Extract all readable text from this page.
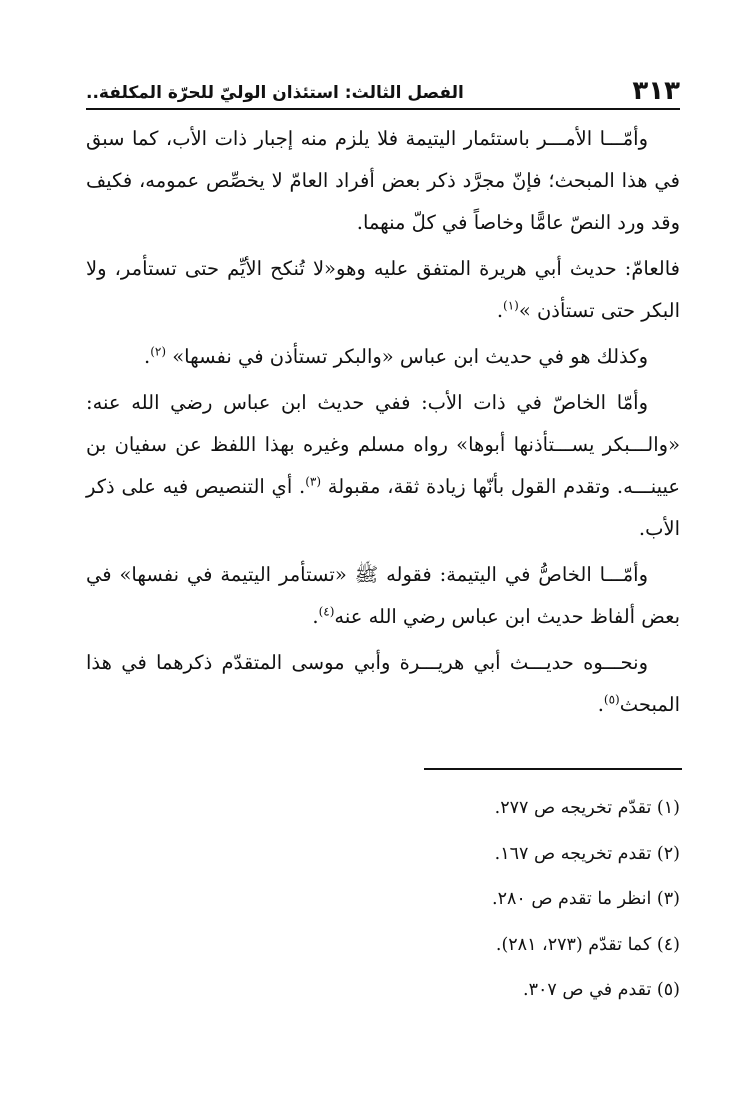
٣١٣
الفصل الثالث: استئذان الوليّ للحرّة المكلفة..

وأمّـــا الأمـــر باستئمار اليتيمة فلا يلزم منه إجبار ذات الأب، كما سبق في هذا المبحث؛ فإنّ مجرَّد ذكر بعض أفراد العامّ لا يخصِّص عمومه، فكيف وقد ورد النصّ عامًّا وخاصاً في كلّ منهما.

فالعامّ: حديث أبي هريرة المتفق عليه وهو«لا تُنكح الأيِّم حتى تستأمر، ولا البكر حتى تستأذن »$^{(١)}$.

وكذلك هو في حديث ابن عباس «والبكر تستأذن في نفسها» $^{(٢)}$.

وأمّا الخاصّ في ذات الأب: ففي حديث ابن عباس رضي الله عنه: «والـــبكر يســـتأذنها أبوها» رواه مسلم وغيره بهذا اللفظ عن سفيان بن عيينـــه. وتقدم القول بأنّها زيادة ثقة، مقبولة $^{(٣)}$. أي التنصيص فيه على ذكر الأب.

وأمّـــا الخاصُّ في اليتيمة: فقوله ﷺ «تستأمر اليتيمة في نفسها» في بعض ألفاظ حديث ابن عباس رضي الله عنه$^{(٤)}$.

ونحـــوه حديـــث أبي هريـــرة وأبي موسى المتقدّم ذكرهما في هذا المبحث$^{(٥)}$.

(١) تقدّم تخريجه ص ٢٧٧.

(٢) تقدم تخريجه ص ١٦٧.

(٣) انظر ما تقدم ص ٢٨٠.

(٤) كما تقدّم (٢٧٣، ٢٨١).

(٥) تقدم في ص ٣٠٧.
